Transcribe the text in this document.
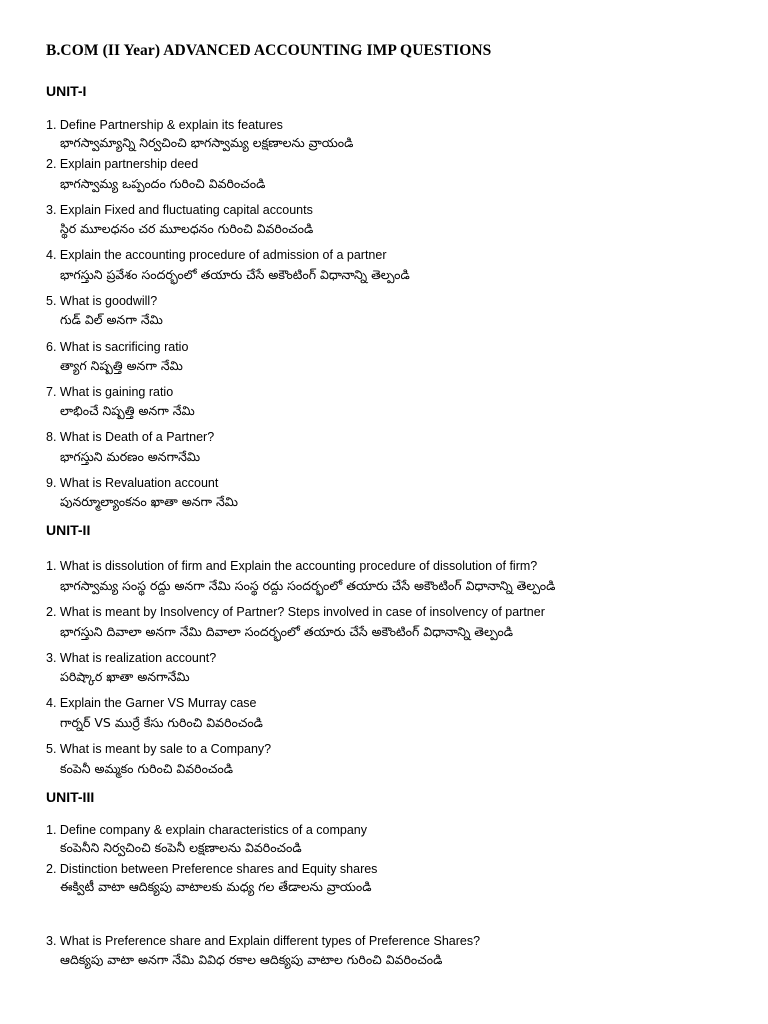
B.COM (II Year) ADVANCED ACCOUNTING IMP QUESTIONS
UNIT-I
1. Define Partnership & explain its features
భాగస్వామ్యాన్ని నిర్వచించి భాగస్వామ్య లక్షణాలను వ్రాయండి
2. Explain partnership deed
భాగస్వామ్య ఒప్పందం గురించి వివరించండి
3. Explain Fixed and fluctuating capital accounts
స్థిర మూలధనం చర మూలధనం గురించి వివరించండి
4. Explain the accounting procedure of admission of a partner
భాగస్తుని ప్రవేశం సందర్భంలో తయారు చేసే అకౌంటింగ్ విధానాన్ని తెల్పండి
5. What is goodwill?
గుడ్ విల్ అనగా నేమి
6. What is sacrificing ratio
త్యాగ నిష్పత్తి అనగా నేమి
7. What is gaining ratio
లాభించే నిష్పత్తి అనగా నేమి
8. What is Death of a Partner?
భాగస్తుని మరణం అనగానేమి
9. What is Revaluation account
పునర్మూల్యాంకనం ఖాతా అనగా నేమి
UNIT-II
1. What is dissolution of firm and Explain the accounting procedure of dissolution of firm?
భాగస్వామ్య సంస్థ రద్దు అనగా నేమి సంస్థ రద్దు సందర్భంలో తయారు చేసే అకౌంటింగ్ విధానాన్ని తెల్పండి
2. What is meant by Insolvency of Partner? Steps involved in case of insolvency of partner
భాగస్తుని దివాలా అనగా నేమి దివాలా సందర్భంలో తయారు చేసే అకౌంటింగ్ విధానాన్ని తెల్పండి
3. What is realization account?
పరిష్కార ఖాతా అనగానేమి
4. Explain the Garner VS Murray case
గార్నర్ VS ముర్రే కేసు గురించి వివరించండి
5. What is meant by sale to a Company?
కంపెనీ అమ్మకం గురించి వివరించండి
UNIT-III
1. Define company & explain characteristics of a company
కంపెనీని నిర్వచించి కంపెనీ లక్షణాలను వివరించండి
2. Distinction between Preference shares and Equity shares
ఈక్విటీ వాటా ఆదిక్యపు వాటాలకు మధ్య గల తేడాలను వ్రాయండి
3. What is Preference share and Explain different types of Preference Shares?
ఆదిక్యపు వాటా అనగా నేమి వివిధ రకాల ఆదిక్యపు వాటాల గురించి వివరించండి
